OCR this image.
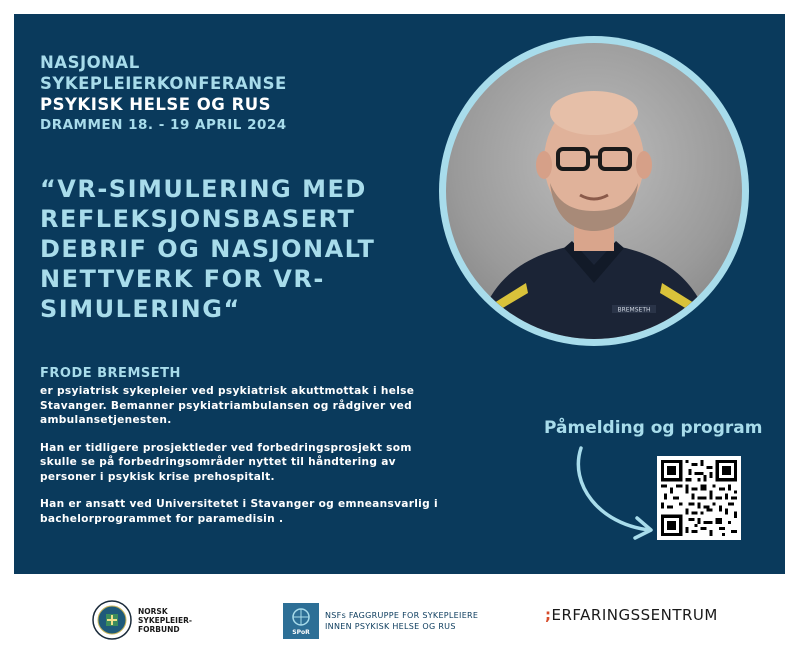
NASJONAL
SYKEPLEIERKONFERANSE
PSYKISK HELSE OG RUS
DRAMMEN 18. - 19 APRIL 2024
“VR-SIMULERING MED REFLEKSJONSBASERT DEBRIF OG NASJONALT NETTVERK FOR VR-SIMULERING“
FRODE BREMSETH

er psyiatrisk sykepleier ved psykiatrisk akuttmottak i helse Stavanger. Bemanner psykiatriambulansen og rådgiver ved ambulansetjenesten.

Han er tidligere prosjektleder ved forbedringsprosjekt som skulle se på forbedringsområder nyttet til håndtering av personer i psykisk krise prehospitalt.

Han er ansatt ved Universitetet i Stavanger og emneansvarlig i bachelorprogrammet for paramedisin .

BREMSETH

Påmelding og program

NORSK
SYKEPLEIER-
FORBUND	SPoR
NSFs FAGGRUPPE FOR SYKEPLEIERE
INNEN PSYKISK HELSE OG RUS
; ERFARINGSSENTRUM
